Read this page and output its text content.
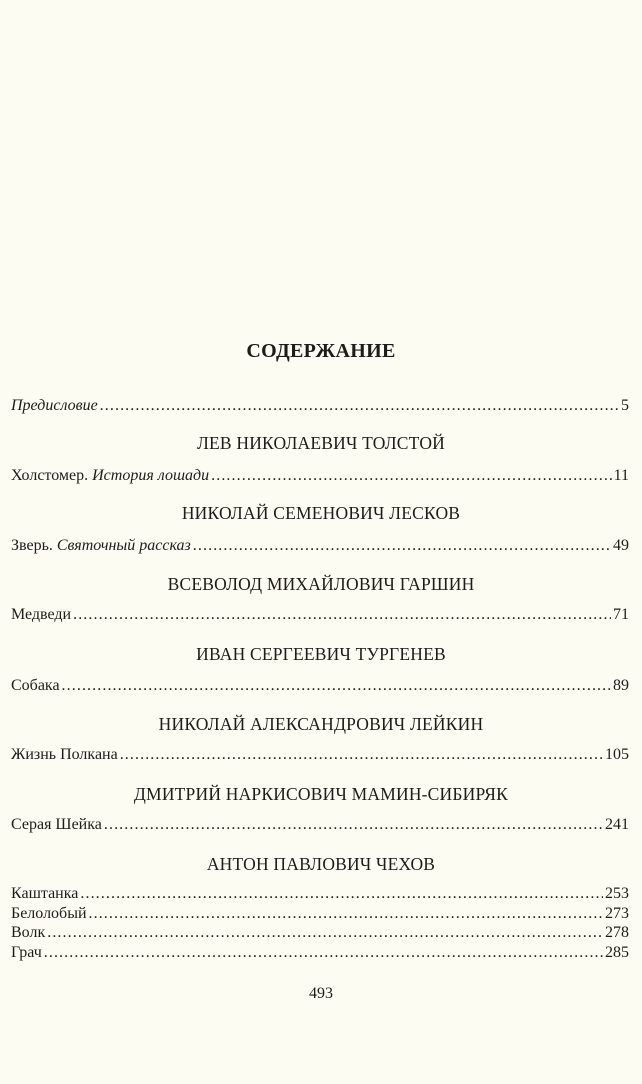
СОДЕРЖАНИЕ
Предисловие .....	5
ЛЕВ НИКОЛАЕВИЧ ТОЛСТОЙ
Холстомер. История лошади .....	11
НИКОЛАЙ СЕМЕНОВИЧ ЛЕСКОВ
Зверь. Святочный рассказ .....	49
ВСЕВОЛОД МИХАЙЛОВИЧ ГАРШИН
Медведи .....	71
ИВАН СЕРГЕЕВИЧ ТУРГЕНЕВ
Собака .....	89
НИКОЛАЙ АЛЕКСАНДРОВИЧ ЛЕЙКИН
Жизнь Полкана .....	105
ДМИТРИЙ НАРКИСОВИЧ МАМИН-СИБИРЯК
Серая Шейка .....	241
АНТОН ПАВЛОВИЧ ЧЕХОВ
Каштанка .....	253
Белолобый .....	273
Волк .....	278
Грач .....	285
493
